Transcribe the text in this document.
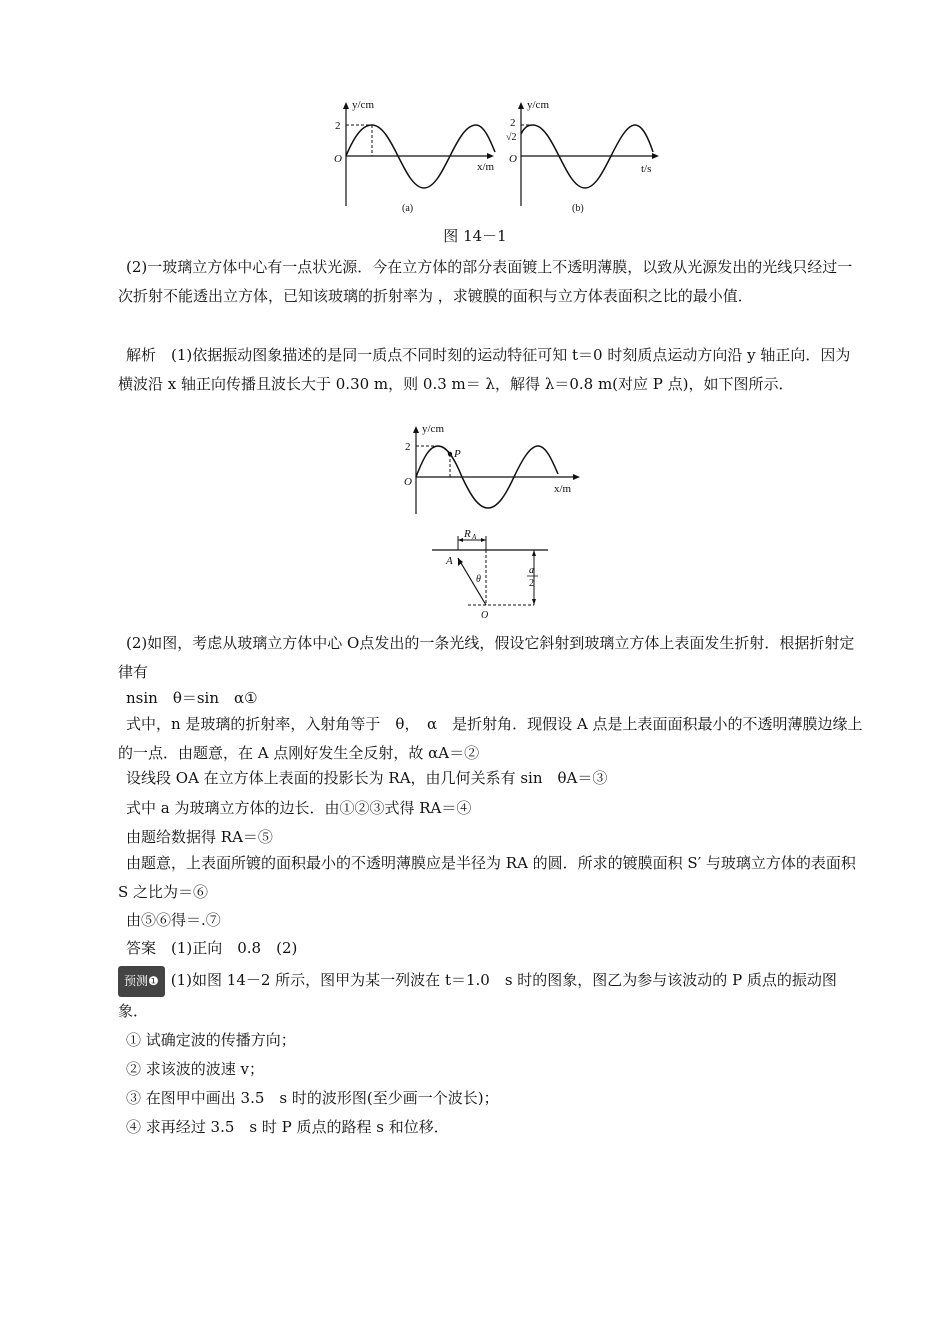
y/cm
2
O
x/m
(a)
y/cm
2
√2
O
t/s
(b)
图 14－1
(2)一玻璃立方体中心有一点状光源．今在立方体的部分表面镀上不透明薄膜，以致从光源发出的光线只经过一次折射不能透出立方体，已知该玻璃的折射率为 ，求镀膜的面积与立方体表面积之比的最小值．
解析　(1)依据振动图象描述的是同一质点不同时刻的运动特征可知 t＝0 时刻质点运动方向沿 y 轴正向．因为横波沿 x 轴正向传播且波长大于 0.30 m，则 0.3 m＝ λ，解得 λ＝0.8 m(对应 P 点)，如下图所示．
y/cm
2
O
P
x/m
R A
A
θ
a
2
O
(2)如图，考虑从玻璃立方体中心 O点发出的一条光线，假设它斜射到玻璃立方体上表面发生折射．根据折射定律有
nsin　θ＝sin　α①
式中，n 是玻璃的折射率，入射角等于　θ，　α　是折射角．现假设 A 点是上表面面积最小的不透明薄膜边缘上的一点．由题意，在 A 点刚好发生全反射，故 αA＝②
设线段 OA 在立方体上表面的投影长为 RA，由几何关系有 sin　θA＝③
式中 a 为玻璃立方体的边长．由①②③式得 RA＝④
由题给数据得 RA＝⑤
由题意，上表面所镀的面积最小的不透明薄膜应是半径为 RA 的圆．所求的镀膜面积 S′ 与玻璃立方体的表面积 S 之比为＝⑥
由⑤⑥得＝.⑦
答案　(1)正向　0.8　(2)
预测❶ (1)如图 14－2 所示，图甲为某一列波在 t＝1.0　s 时的图象，图乙为参与该波动的 P 质点的振动图象．
① 试确定波的传播方向；
② 求该波的波速 v；
③ 在图甲中画出 3.5　s 时的波形图(至少画一个波长)；
④ 求再经过 3.5　s 时 P 质点的路程 s 和位移．
